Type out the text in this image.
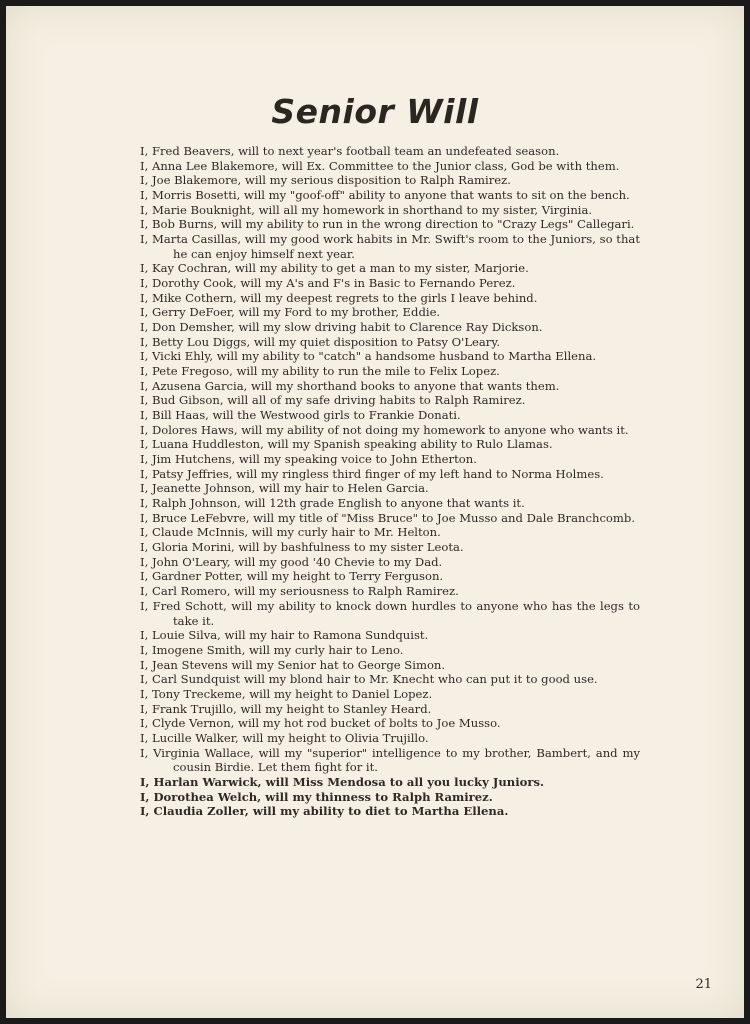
Senior Will
I, Fred Beavers, will to next year's football team an undefeated season.
I, Anna Lee Blakemore, will Ex. Committee to the Junior class, God be with them.
I, Joe Blakemore, will my serious disposition to Ralph Ramirez.
I, Morris Bosetti, will my "goof-off" ability to anyone that wants to sit on the bench.
I, Marie Bouknight, will all my homework in shorthand to my sister, Virginia.
I, Bob Burns, will my ability to run in the wrong direction to "Crazy Legs" Callegari.
I, Marta Casillas, will my good work habits in Mr. Swift's room to the Juniors, so that he can enjoy himself next year.
I, Kay Cochran, will my ability to get a man to my sister, Marjorie.
I, Dorothy Cook, will my A's and F's in Basic to Fernando Perez.
I, Mike Cothern, will my deepest regrets to the girls I leave behind.
I, Gerry DeFoer, will my Ford to my brother, Eddie.
I, Don Demsher, will my slow driving habit to Clarence Ray Dickson.
I, Betty Lou Diggs, will my quiet disposition to Patsy O'Leary.
I, Vicki Ehly, will my ability to "catch" a handsome husband to Martha Ellena.
I, Pete Fregoso, will my ability to run the mile to Felix Lopez.
I, Azusena Garcia, will my shorthand books to anyone that wants them.
I, Bud Gibson, will all of my safe driving habits to Ralph Ramirez.
I, Bill Haas, will the Westwood girls to Frankie Donati.
I, Dolores Haws, will my ability of not doing my homework to anyone who wants it.
I, Luana Huddleston, will my Spanish speaking ability to Rulo Llamas.
I, Jim Hutchens, will my speaking voice to John Etherton.
I, Patsy Jeffries, will my ringless third finger of my left hand to Norma Holmes.
I, Jeanette Johnson, will my hair to Helen Garcia.
I, Ralph Johnson, will 12th grade English to anyone that wants it.
I, Bruce LeFebvre, will my title of "Miss Bruce" to Joe Musso and Dale Branchcomb.
I, Claude McInnis, will my curly hair to Mr. Helton.
I, Gloria Morini, will by bashfulness to my sister Leota.
I, John O'Leary, will my good '40 Chevie to my Dad.
I, Gardner Potter, will my height to Terry Ferguson.
I, Carl Romero, will my seriousness to Ralph Ramirez.
I, Fred Schott, will my ability to knock down hurdles to anyone who has the legs to take it.
I, Louie Silva, will my hair to Ramona Sundquist.
I, Imogene Smith, will my curly hair to Leno.
I, Jean Stevens will my Senior hat to George Simon.
I, Carl Sundquist will my blond hair to Mr. Knecht who can put it to good use.
I, Tony Treckeme, will my height to Daniel Lopez.
I, Frank Trujillo, will my height to Stanley Heard.
I, Clyde Vernon, will my hot rod bucket of bolts to Joe Musso.
I, Lucille Walker, will my height to Olivia Trujillo.
I, Virginia Wallace, will my "superior" intelligence to my brother, Bambert, and my cousin Birdie. Let them fight for it.
I, Harlan Warwick, will Miss Mendosa to all you lucky Juniors.
I, Dorothea Welch, will my thinness to Ralph Ramirez.
I, Claudia Zoller, will my ability to diet to Martha Ellena.
21
